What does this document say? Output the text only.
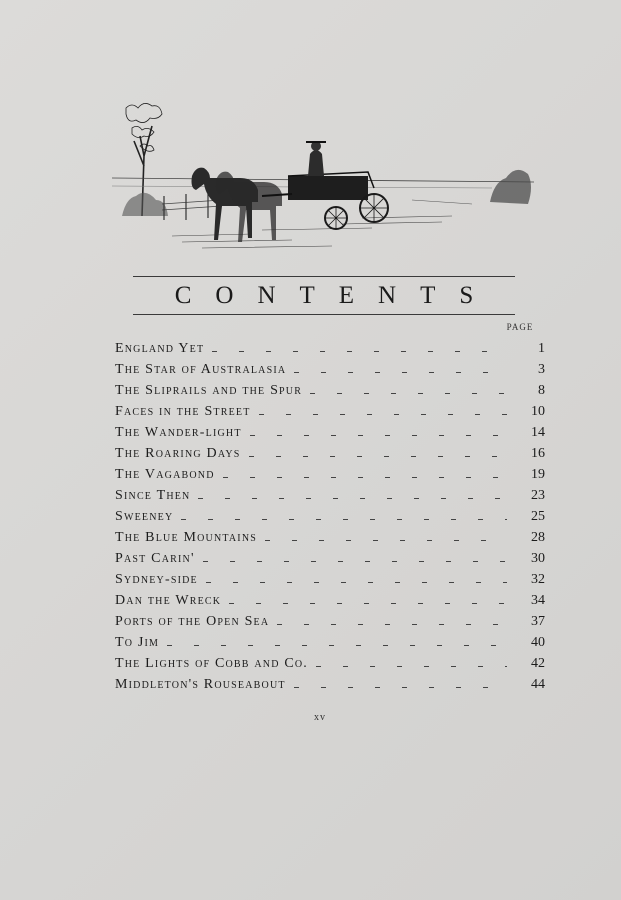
CONTENTS
PAGE
England Yet	1
The Star of Australasia	3
The Sliprails and the Spur	8
Faces in the Street	10
The Wander-light	14
The Roaring Days	16
The Vagabond	19
Since Then	23
Sweeney	25
The Blue Mountains	28
Past Carin'	30
Sydney-side	32
Dan the Wreck	34
Ports of the Open Sea	37
To Jim	40
The Lights of Cobb and Co.	42
Middleton's Rouseabout	44
xv
